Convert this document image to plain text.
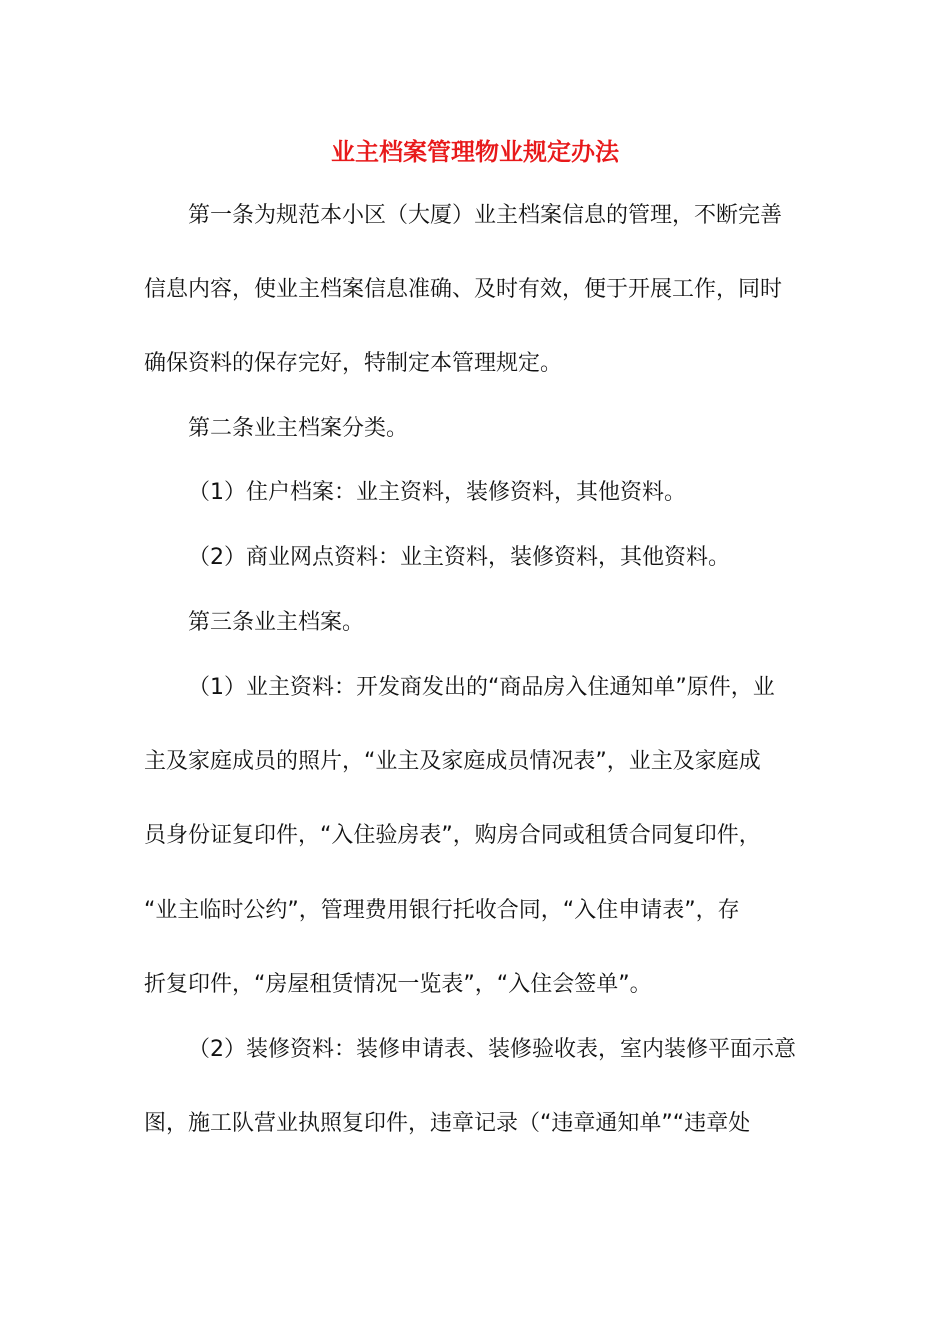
业主档案管理物业规定办法
第一条为规范本小区（大厦）业主档案信息的管理，不断完善
信息内容，使业主档案信息准确、及时有效，便于开展工作，同时
确保资料的保存完好，特制定本管理规定。
第二条业主档案分类。
（1）住户档案：业主资料，装修资料，其他资料。
（2）商业网点资料：业主资料，装修资料，其他资料。
第三条业主档案。
（1）业主资料：开发商发出的“商品房入住通知单”原件，业
主及家庭成员的照片，“业主及家庭成员情况表”，业主及家庭成
员身份证复印件，“入住验房表”，购房合同或租赁合同复印件，
“业主临时公约”，管理费用银行托收合同，“入住申请表”，存
折复印件，“房屋租赁情况一览表”，“入住会签单”。
（2）装修资料：装修申请表、装修验收表，室内装修平面示意
图，施工队营业执照复印件，违章记录（“违章通知单”“违章处
